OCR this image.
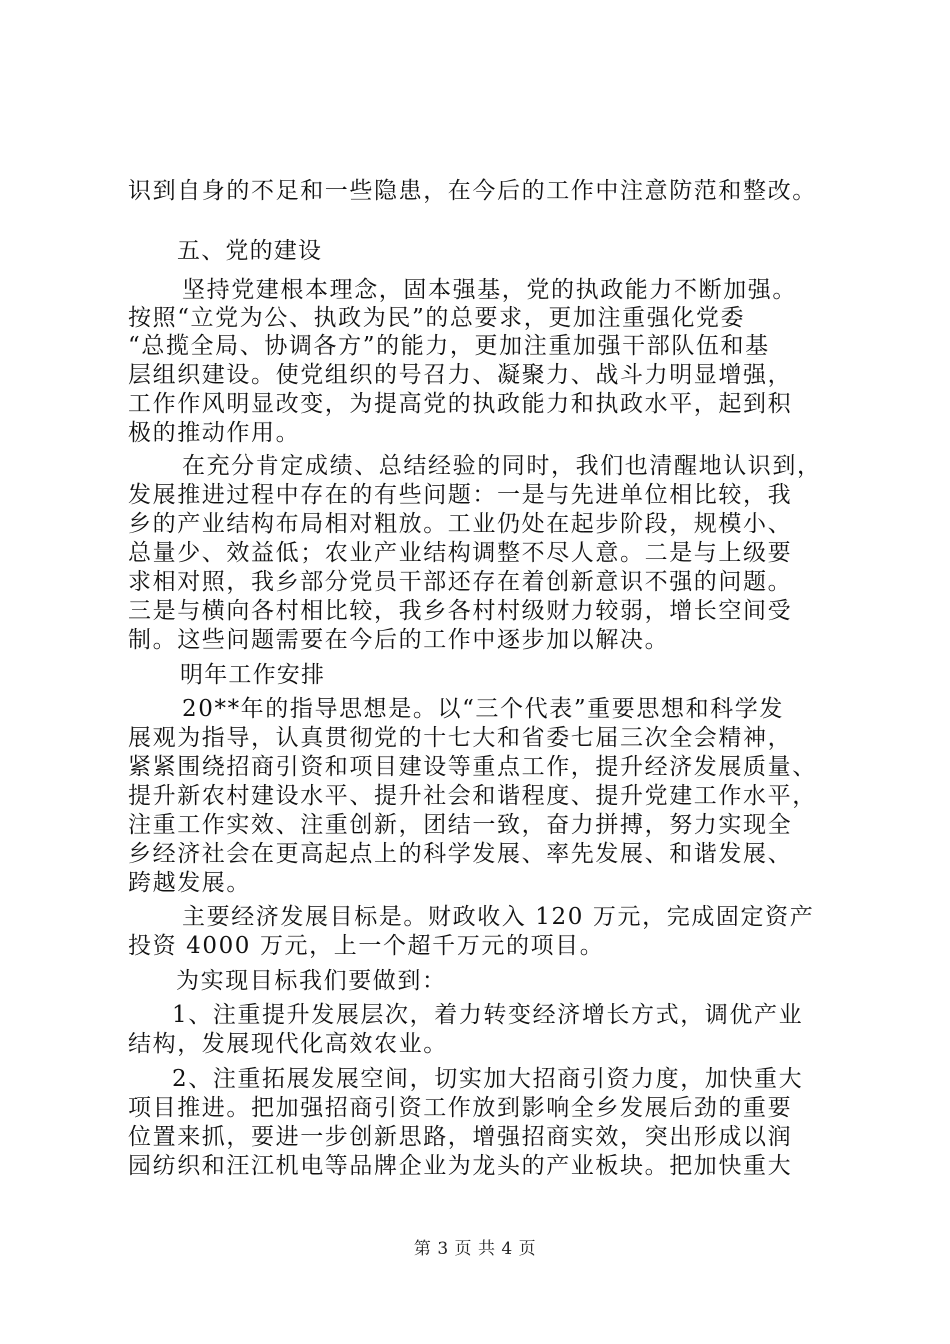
识到自身的不足和一些隐患，在今后的工作中注意防范和整改。
五、党的建设
坚持党建根本理念，固本强基，党的执政能力不断加强。
按照“立党为公、执政为民”的总要求，更加注重强化党委
“总揽全局、协调各方”的能力，更加注重加强干部队伍和基
层组织建设。使党组织的号召力、凝聚力、战斗力明显增强，
工作作风明显改变，为提高党的执政能力和执政水平，起到积
极的推动作用。
在充分肯定成绩、总结经验的同时，我们也清醒地认识到，
发展推进过程中存在的有些问题：一是与先进单位相比较，我
乡的产业结构布局相对粗放。工业仍处在起步阶段，规模小、
总量少、效益低；农业产业结构调整不尽人意。二是与上级要
求相对照，我乡部分党员干部还存在着创新意识不强的问题。
三是与横向各村相比较，我乡各村村级财力较弱，增长空间受
制。这些问题需要在今后的工作中逐步加以解决。
明年工作安排
20**年的指导思想是。以“三个代表”重要思想和科学发
展观为指导，认真贯彻党的十七大和省委七届三次全会精神，
紧紧围绕招商引资和项目建设等重点工作，提升经济发展质量、
提升新农村建设水平、提升社会和谐程度、提升党建工作水平，
注重工作实效、注重创新，团结一致，奋力拼搏，努力实现全
乡经济社会在更高起点上的科学发展、率先发展、和谐发展、
跨越发展。
主要经济发展目标是。财政收入 120 万元，完成固定资产
投资 4000 万元，上一个超千万元的项目。
为实现目标我们要做到：
1、注重提升发展层次，着力转变经济增长方式，调优产业
结构，发展现代化高效农业。
2、注重拓展发展空间，切实加大招商引资力度，加快重大
项目推进。把加强招商引资工作放到影响全乡发展后劲的重要
位置来抓，要进一步创新思路，增强招商实效，突出形成以润
园纺织和汪江机电等品牌企业为龙头的产业板块。把加快重大
第 3 页 共 4 页
